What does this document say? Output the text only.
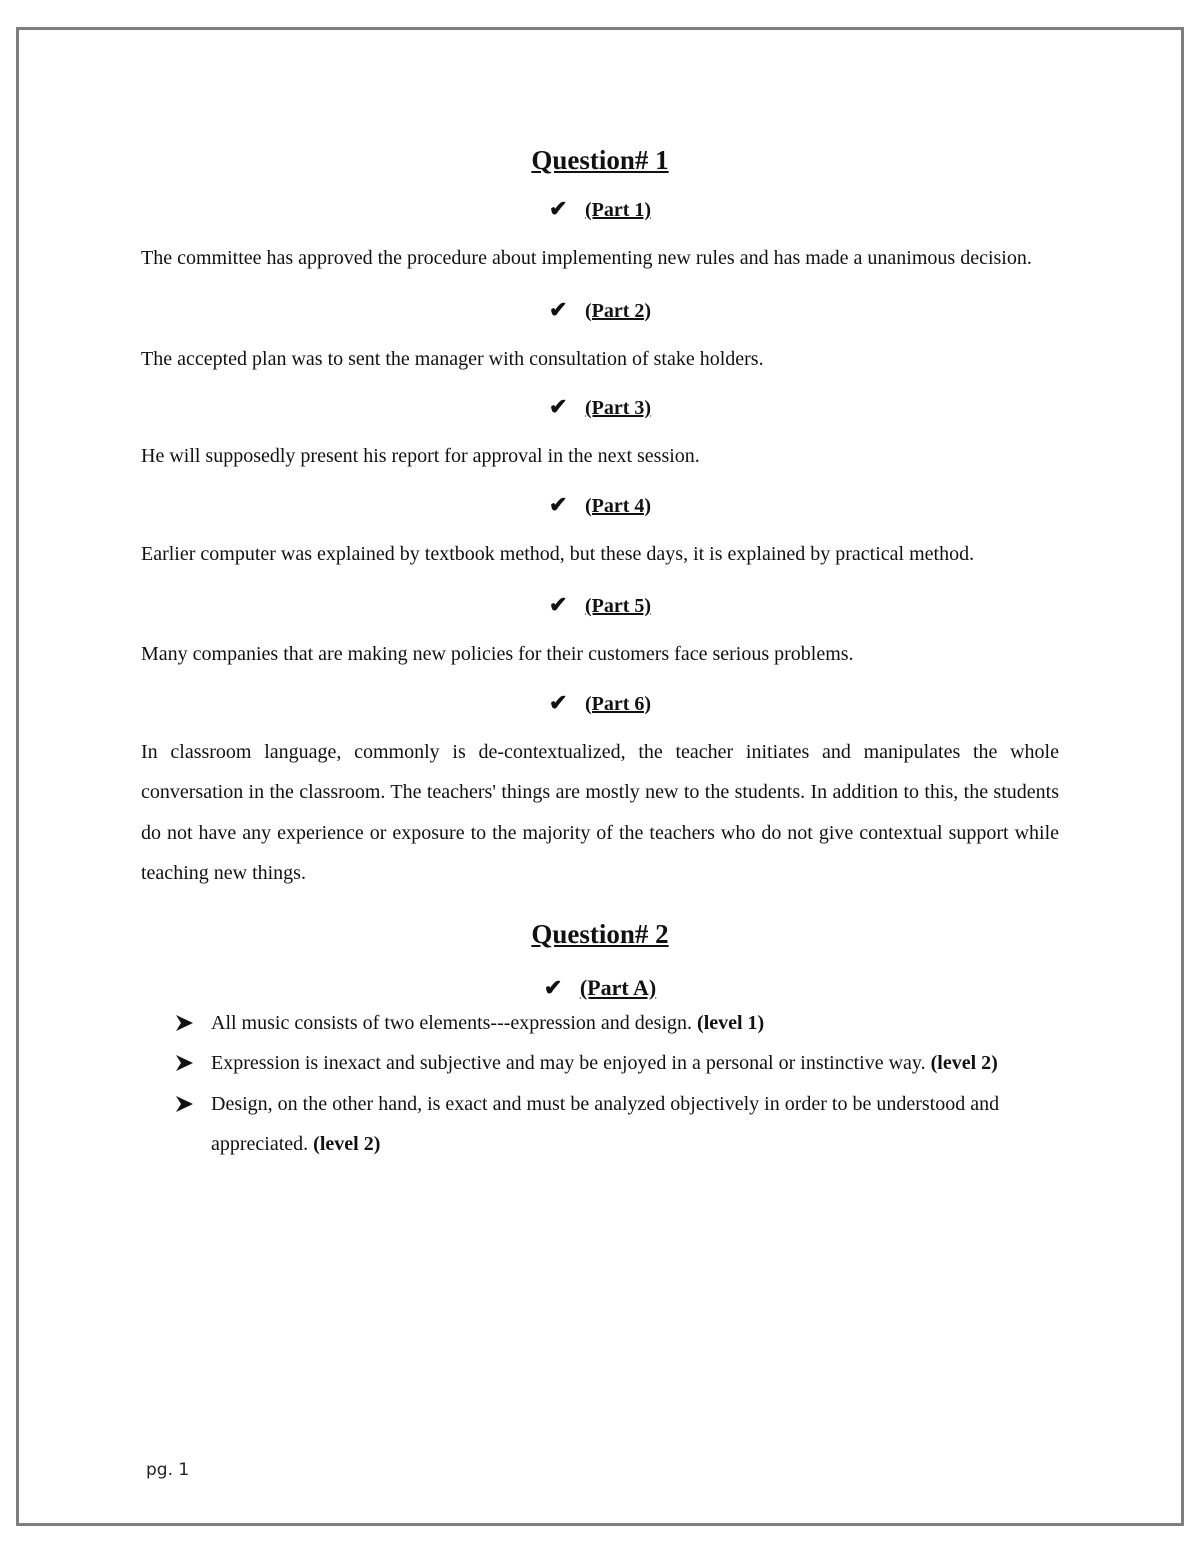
Question# 1
✔ (Part 1)

The committee has approved the procedure about implementing new rules and has made a unanimous decision.

✔ (Part 2)

The accepted plan was to sent the manager with consultation of stake holders.

✔ (Part 3)

He will supposedly present his report for approval in the next session.

✔ (Part 4)

Earlier computer was explained by textbook method, but these days, it is explained by practical method.

✔ (Part 5)

Many companies that are making new policies for their customers face serious problems.

✔ (Part 6)

In classroom language, commonly is de-contextualized, the teacher initiates and manipulates the whole conversation in the classroom. The teachers' things are mostly new to the students. In addition to this, the students do not have any experience or exposure to the majority of the teachers who do not give contextual support while teaching new things.

Question# 2
✔ (Part A)
All music consists of two elements---expression and design. (level 1)
Expression is inexact and subjective and may be enjoyed in a personal or instinctive way. (level 2)
Design, on the other hand, is exact and must be analyzed objectively in order to be understood and appreciated. (level 2)
pg. 1
